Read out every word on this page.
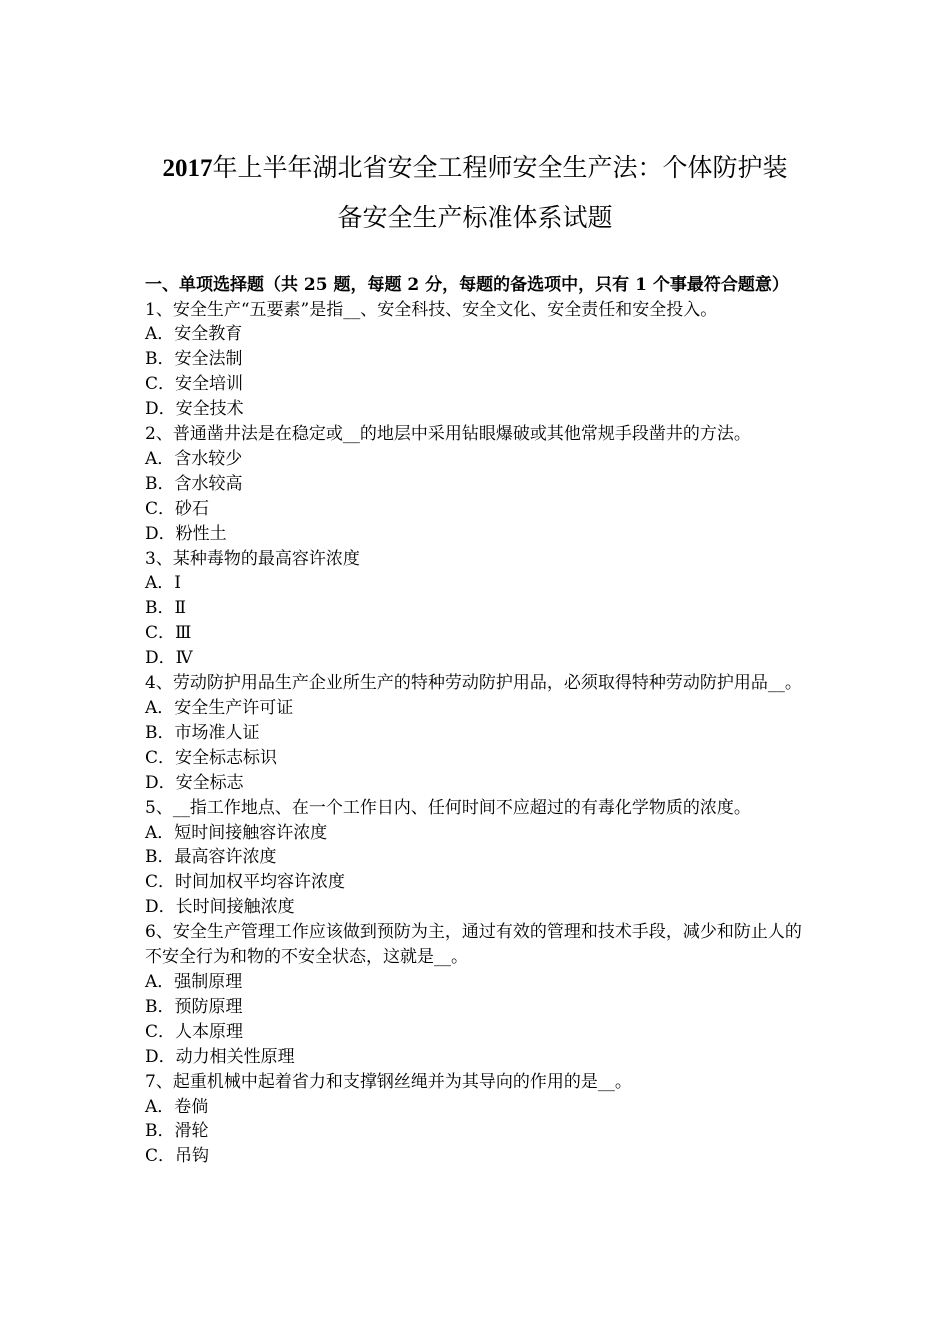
2017年上半年湖北省安全工程师安全生产法：个体防护装
备安全生产标准体系试题

一、单项选择题（共 25 题，每题 2 分，每题的备选项中，只有 1 个事最符合题意）

1、安全生产“五要素”是指__、安全科技、安全文化、安全责任和安全投入。

A．安全教育

B．安全法制

C．安全培训

D．安全技术

2、普通凿井法是在稳定或__的地层中采用钻眼爆破或其他常规手段凿井的方法。

A．含水较少

B．含水较高

C．砂石

D．粉性土

3、某种毒物的最高容许浓度

A．Ⅰ

B．Ⅱ

C．Ⅲ

D．Ⅳ

4、劳动防护用品生产企业所生产的特种劳动防护用品，必须取得特种劳动防护用品__。

A．安全生产许可证

B．市场准人证

C．安全标志标识

D．安全标志

5、__指工作地点、在一个工作日内、任何时间不应超过的有毒化学物质的浓度。

A．短时间接触容许浓度

B．最高容许浓度

C．时间加权平均容许浓度

D．长时间接触浓度

6、安全生产管理工作应该做到预防为主，通过有效的管理和技术手段，减少和防止人的不安全行为和物的不安全状态，这就是__。

A．强制原理

B．预防原理

C．人本原理

D．动力相关性原理

7、起重机械中起着省力和支撑钢丝绳并为其导向的作用的是__。

A．卷倘

B．滑轮

C．吊钩
